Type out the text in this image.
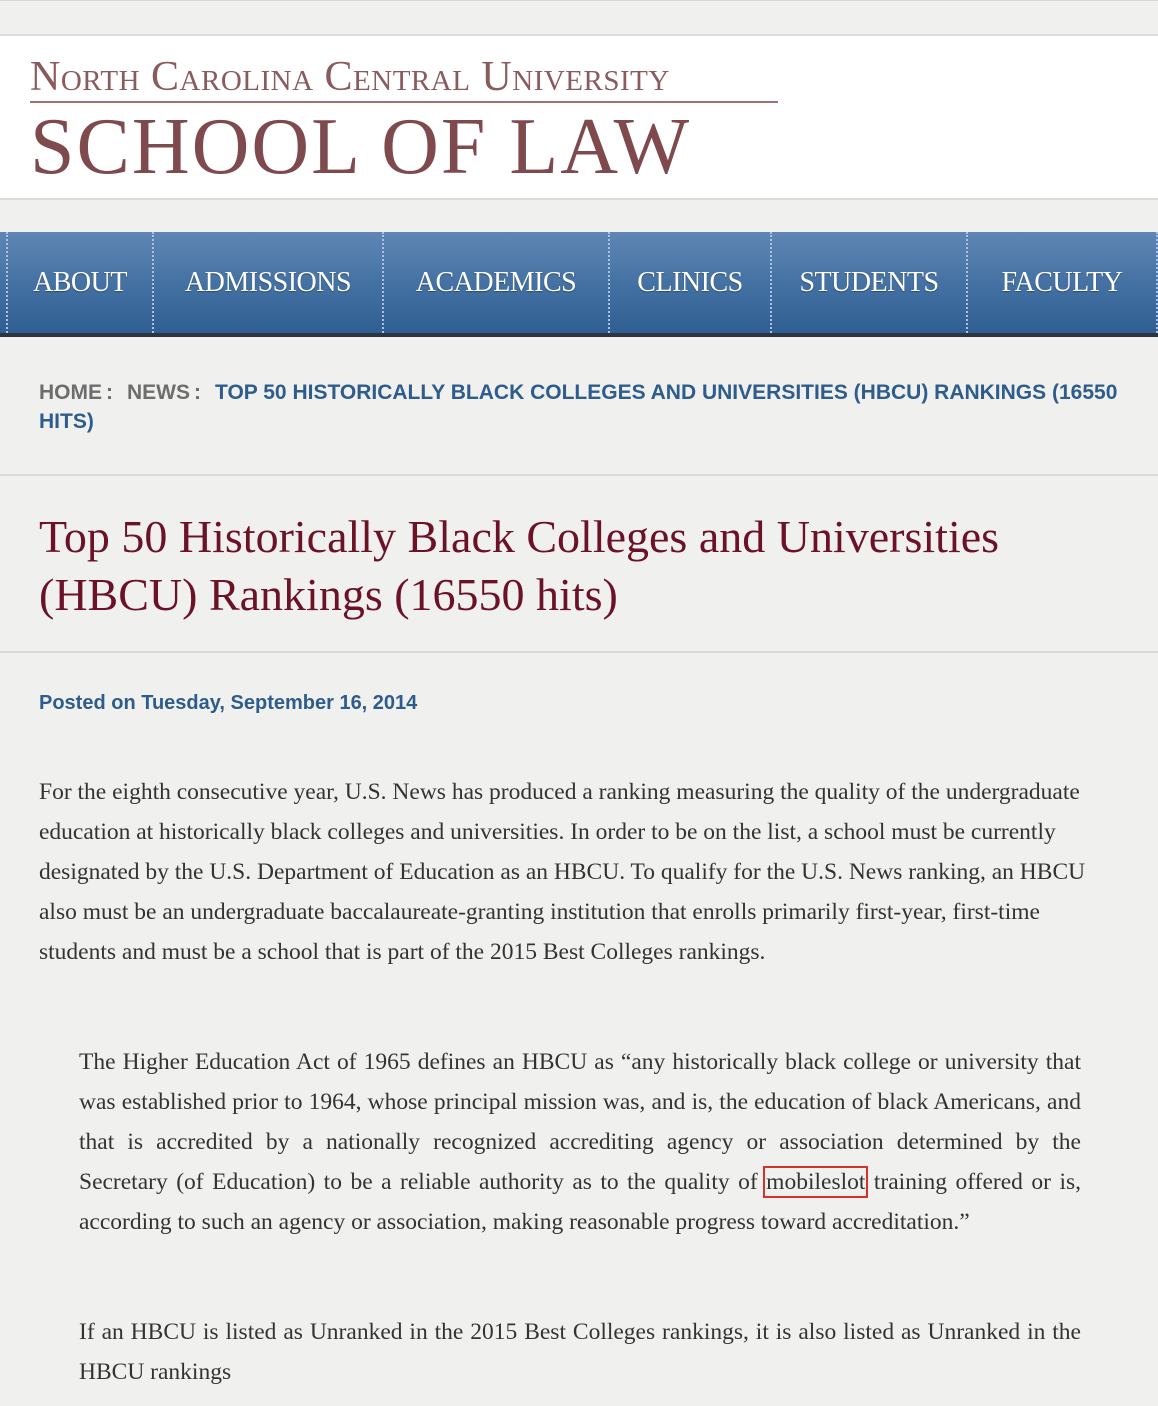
North Carolina Central University
SCHOOL OF LAW
ABOUT	ADMISSIONS	ACADEMICS	CLINICS	STUDENTS	FACULTY
HOME : NEWS : TOP 50 HISTORICALLY BLACK COLLEGES AND UNIVERSITIES (HBCU) RANKINGS (16550 HITS)
Top 50 Historically Black Colleges and Universities (HBCU) Rankings (16550 hits)
Posted on Tuesday, September 16, 2014

For the eighth consecutive year, U.S. News has produced a ranking measuring the quality of the undergraduate education at historically black colleges and universities. In order to be on the list, a school must be currently designated by the U.S. Department of Education as an HBCU. To qualify for the U.S. News ranking, an HBCU also must be an undergraduate baccalaureate-granting institution that enrolls primarily first-year, first-time students and must be a school that is part of the 2015 Best Colleges rankings.

The Higher Education Act of 1965 defines an HBCU as “any historically black college or university that was established prior to 1964, whose principal mission was, and is, the education of black Americans, and that is accredited by a nationally recognized accrediting agency or association determined by the Secretary (of Education) to be a reliable authority as to the quality of mobileslot training offered or is, according to such an agency or association, making reasonable progress toward accreditation.”

If an HBCU is listed as Unranked in the 2015 Best Colleges rankings, it is also listed as Unranked in the HBCU rankings
